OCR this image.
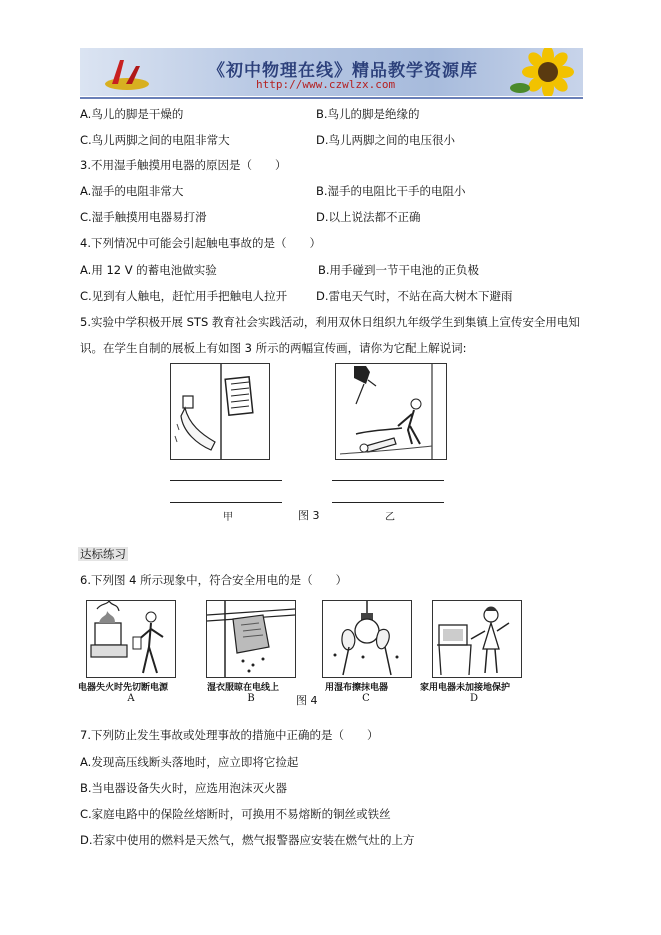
《初中物理在线》精品教学资源库
http://www.czwlzx.com
A.鸟儿的脚是干燥的	B.鸟儿的脚是绝缘的
C.鸟儿两脚之间的电阻非常大	D.鸟儿两脚之间的电压很小
3.不用湿手触摸用电器的原因是（　　）
A.湿手的电阻非常大	B.湿手的电阻比干手的电阻小
C.湿手触摸用电器易打滑	D.以上说法都不正确
4.下列情况中可能会引起触电事故的是（　　）
A.用 12 V 的蓄电池做实验	B.用手碰到一节干电池的正负极
C.见到有人触电，赶忙用手把触电人拉开	D.雷电天气时，不站在高大树木下避雨
5.实验中学积极开展 STS 教育社会实践活动，利用双休日组织九年级学生到集镇上宣传安全用电知
识。在学生自制的展板上有如图 3 所示的两幅宣传画，请你为它配上解说词:
甲	乙
图 3
达标练习
6.下列图 4 所示现象中，符合安全用电的是（　　）
电器失火时先切断电源	湿衣服晾在电线上	用湿布擦抹电器	家用电器未加接地保护
A	B	C	D
图 4
7.下列防止发生事故或处理事故的措施中正确的是（　　）
A.发现高压线断头落地时，应立即将它捡起
B.当电器设备失火时，应选用泡沫灭火器
C.家庭电路中的保险丝熔断时，可换用不易熔断的铜丝或铁丝
D.若家中使用的燃料是天然气，燃气报警器应安装在燃气灶的上方
